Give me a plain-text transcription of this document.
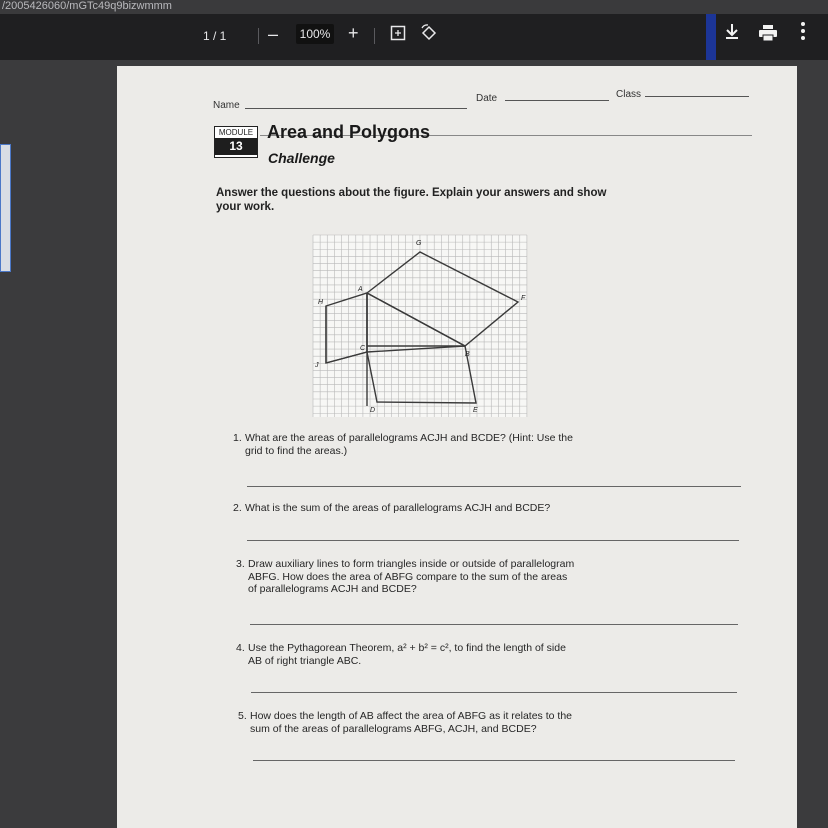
/2005426060/mGTc49q9bizwmmm
1 / 1 –	100% +
Name
Date	Class
MODULE
13
Area and Polygons
Challenge
Answer the questions about the figure. Explain your answers and show your work.
G
A
F
H
C
B
J
D	E
1. What are the areas of parallelograms ACJH and BCDE? (Hint: Use the
grid to find the areas.)
2. What is the sum of the areas of parallelograms ACJH and BCDE?
3. Draw auxiliary lines to form triangles inside or outside of parallelogram
ABFG. How does the area of ABFG compare to the sum of the areas
of parallelograms ACJH and BCDE?
4. Use the Pythagorean Theorem, a² + b² = c², to find the length of side
AB of right triangle ABC.
5. How does the length of AB affect the area of ABFG as it relates to the
sum of the areas of parallelograms ABFG, ACJH, and BCDE?
